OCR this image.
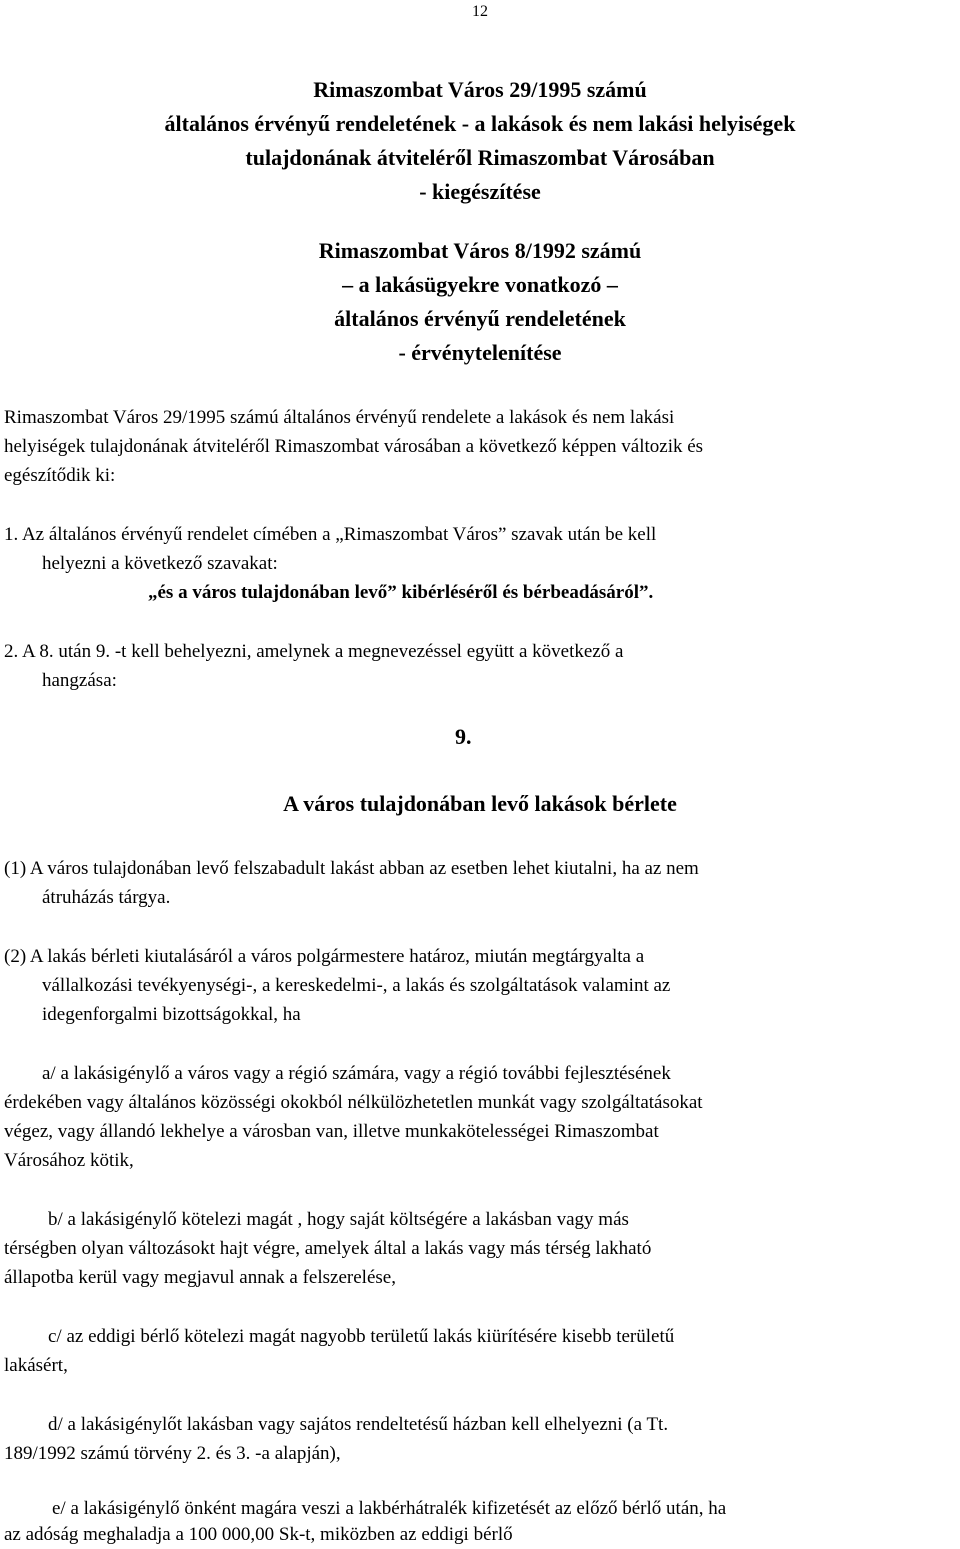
12
Rimaszombat Város 29/1995 számú
általános érvényű rendeletének - a lakások és nem lakási helyiségek
tulajdonának átviteléről Rimaszombat Városában
- kiegészítése
Rimaszombat Város 8/1992 számú
– a lakásügyekre vonatkozó –
általános érvényű rendeletének
- érvénytelenítése
Rimaszombat Város 29/1995 számú általános érvényű rendelete a lakások és nem lakási
helyiségek tulajdonának átviteléről Rimaszombat városában a következő képpen változik és
egészítődik ki:
1. Az általános érvényű rendelet címében a „Rimaszombat Város” szavak után be kell
helyezni a következő szavakat:
„és a város tulajdonában levő” kibérléséről és bérbeadásáról”.
2. A 8. után 9. -t kell behelyezni, amelynek a megnevezéssel együtt a következő a
hangzása:
9.
A város tulajdonában levő lakások bérlete
(1) A város tulajdonában levő felszabadult lakást abban az esetben lehet kiutalni, ha az nem
átruházás tárgya.
(2) A lakás bérleti kiutalásáról a város polgármestere határoz, miután megtárgyalta a
vállalkozási tevékyenységi-, a kereskedelmi-, a lakás és szolgáltatások valamint az
idegenforgalmi bizottságokkal, ha
a/ a lakásigénylő a város vagy a régió számára, vagy a régió további fejlesztésének
érdekében vagy általános közösségi okokból nélkülözhetetlen munkát vagy szolgáltatásokat
végez, vagy állandó lekhelye a városban van, illetve munkakötelességei Rimaszombat
Városához kötik,
b/ a lakásigénylő kötelezi magát , hogy saját költségére a lakásban vagy más
térségben olyan változásokt hajt végre, amelyek által a lakás vagy más térség lakható
állapotba kerül vagy megjavul annak a felszerelése,
c/ az eddigi bérlő kötelezi magát nagyobb területű lakás kiürítésére kisebb területű
lakásért,
d/ a lakásigénylőt lakásban vagy sajátos rendeltetésű házban kell elhelyezni (a Tt.
189/1992 számú törvény 2. és 3. -a alapján),
e/ a lakásigénylő önként magára veszi a lakbérhátralék kifizetését az előző bérlő után, ha
az adóság meghaladja a 100 000,00 Sk-t, miközben az eddigi bérlő
